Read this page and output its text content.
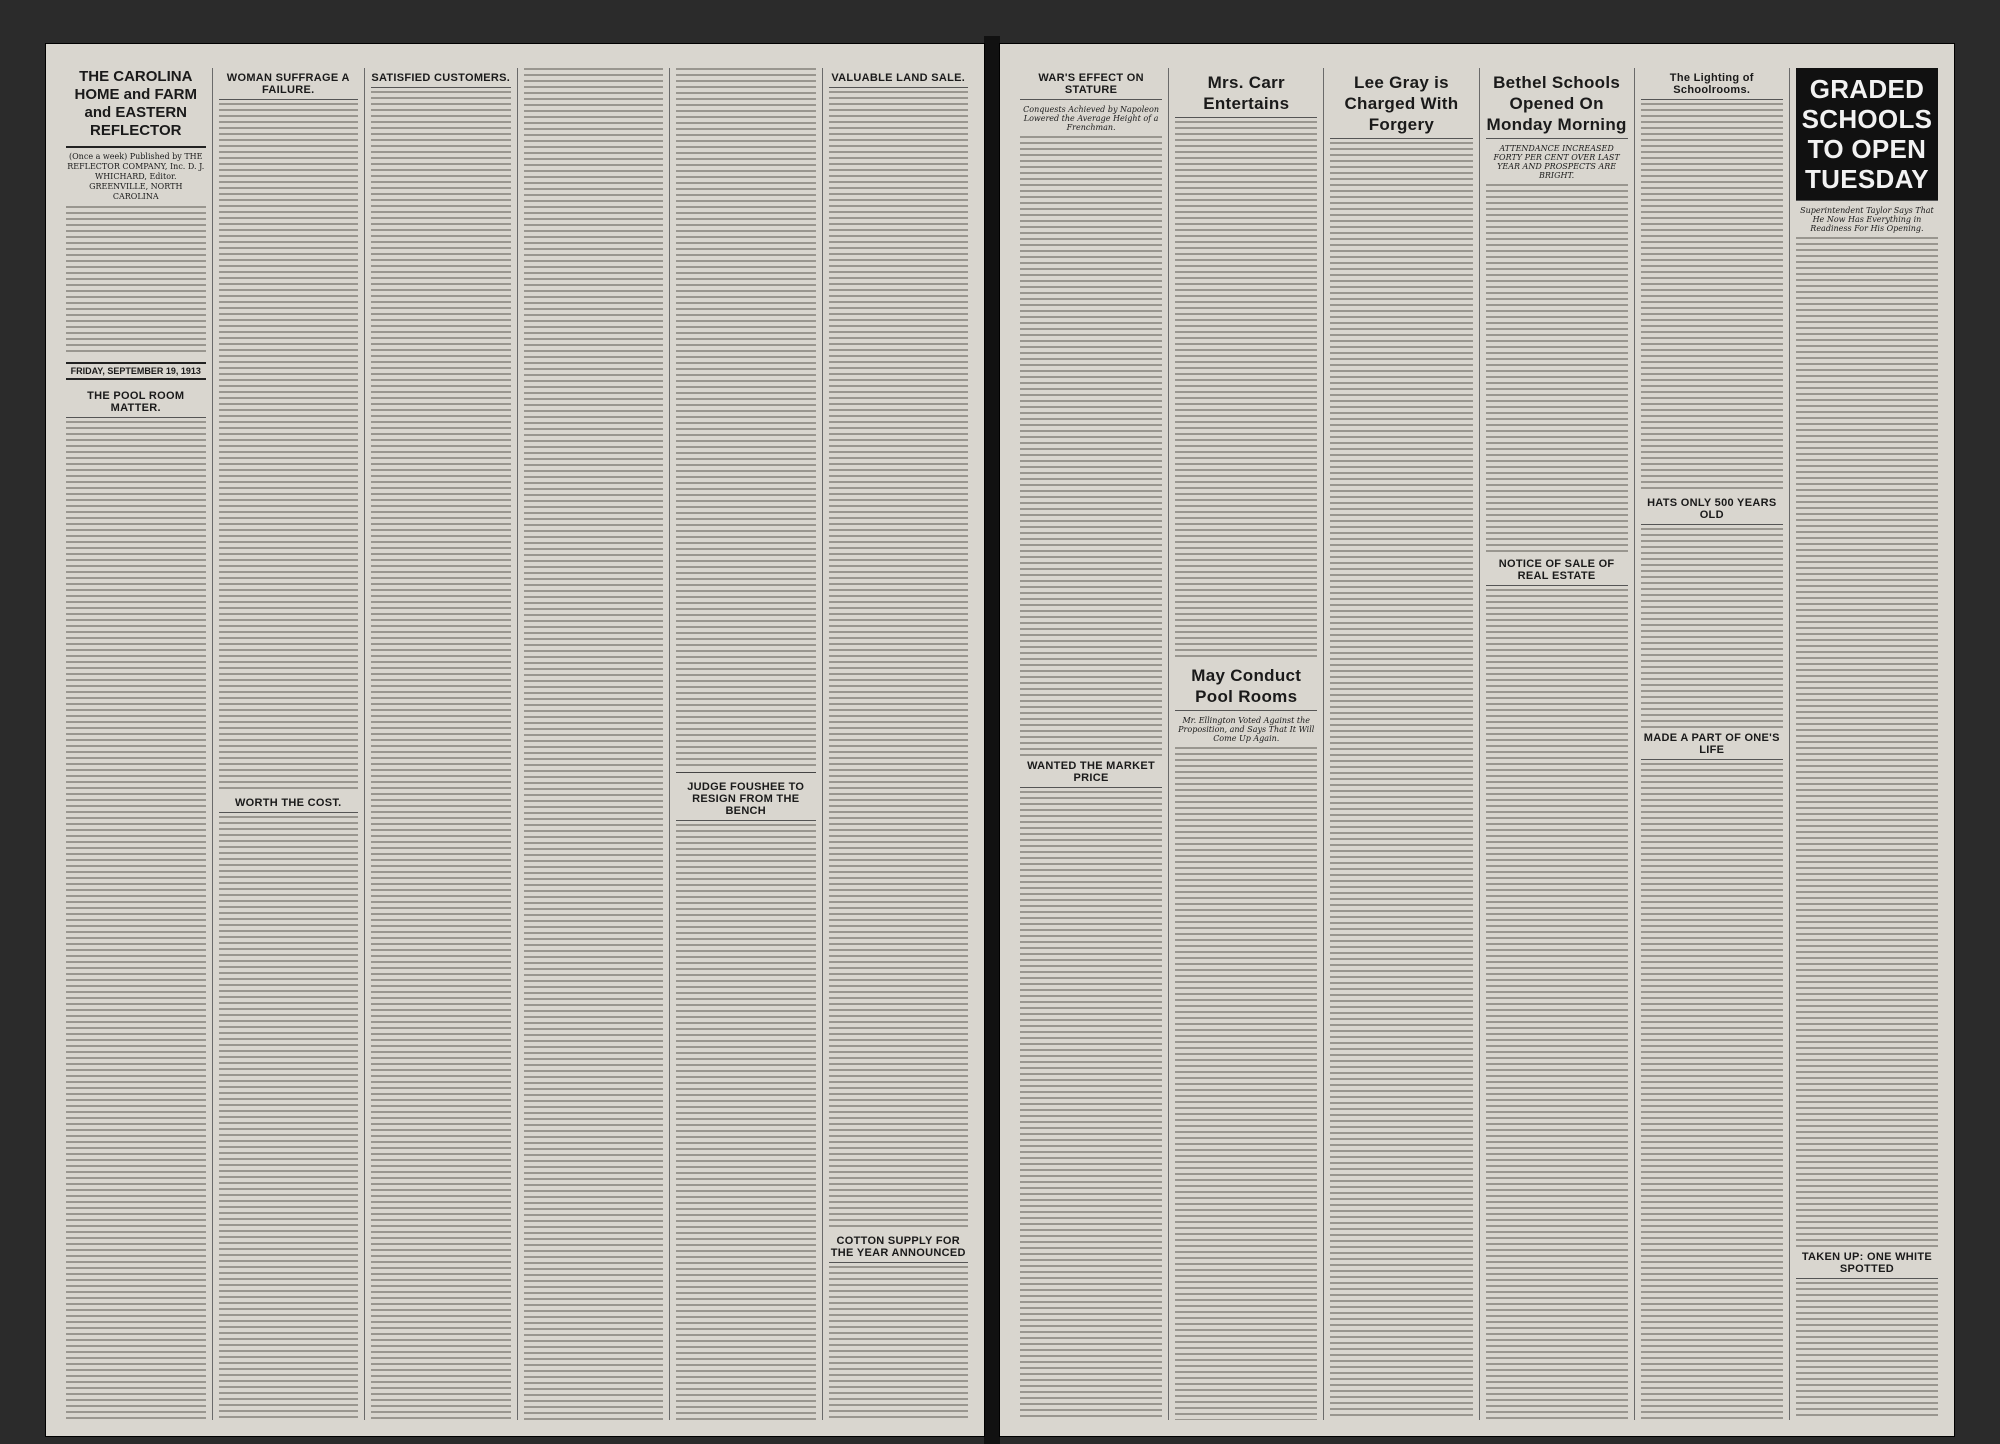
THE CAROLINA HOME and FARM and EASTERN REFLECTOR
(Once a week) Published by THE REFLECTOR COMPANY, Inc. D. J. WHICHARD, Editor. GREENVILLE, NORTH CAROLINA
FRIDAY, SEPTEMBER 19, 1913
THE POOL ROOM MATTER.
WOMAN SUFFRAGE A FAILURE.
WORTH THE COST.
SATISFIED CUSTOMERS.
JUDGE FOUSHEE TO RESIGN FROM THE BENCH
VALUABLE LAND SALE.
COTTON SUPPLY FOR THE YEAR ANNOUNCED
WAR'S EFFECT ON STATURE
Conquests Achieved by Napoleon Lowered the Average Height of a Frenchman.
WANTED THE MARKET PRICE
Mrs. Carr Entertains
May Conduct Pool Rooms
Mr. Ellington Voted Against the Proposition, and Says That It Will Come Up Again.
Lee Gray is Charged With Forgery
Bethel Schools Opened On Monday Morning
ATTENDANCE INCREASED FORTY PER CENT OVER LAST YEAR AND PROSPECTS ARE BRIGHT.
NOTICE OF SALE OF REAL ESTATE
The Lighting of Schoolrooms.
HATS ONLY 500 YEARS OLD
MADE A PART OF ONE'S LIFE
GRADED SCHOOLS TO OPEN TUESDAY
Superintendent Taylor Says That He Now Has Everything in Readiness For His Opening.
TAKEN UP: ONE WHITE SPOTTED
